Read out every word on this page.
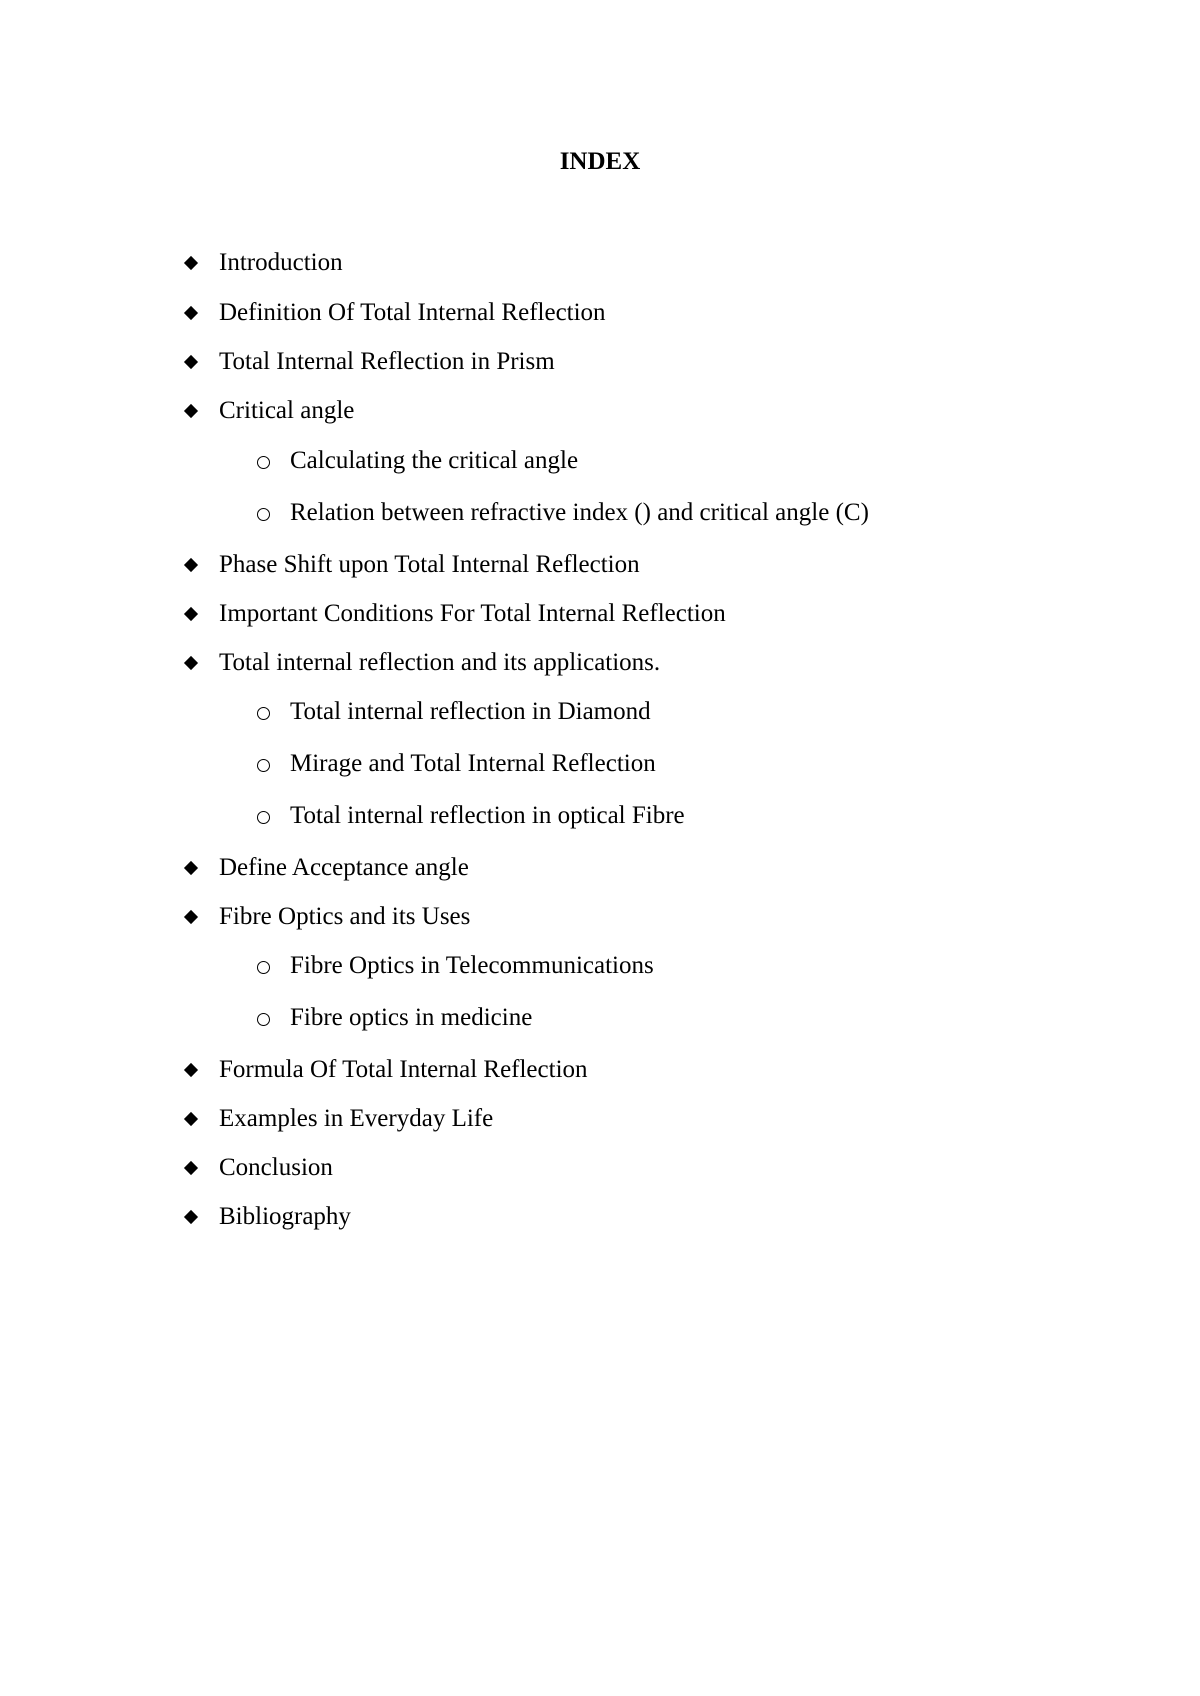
INDEX
Introduction
Definition Of Total Internal Reflection
Total Internal Reflection in Prism
Critical angle
Calculating the critical angle
Relation between refractive index () and critical angle (C)
Phase Shift upon Total Internal Reflection
Important Conditions For Total Internal Reflection
Total internal reflection and its applications.
Total internal reflection in Diamond
Mirage and Total Internal Reflection
Total internal reflection in optical Fibre
Define Acceptance angle
Fibre Optics and its Uses
Fibre Optics in Telecommunications
Fibre optics in medicine
Formula Of Total Internal Reflection
Examples in Everyday Life
Conclusion
Bibliography
